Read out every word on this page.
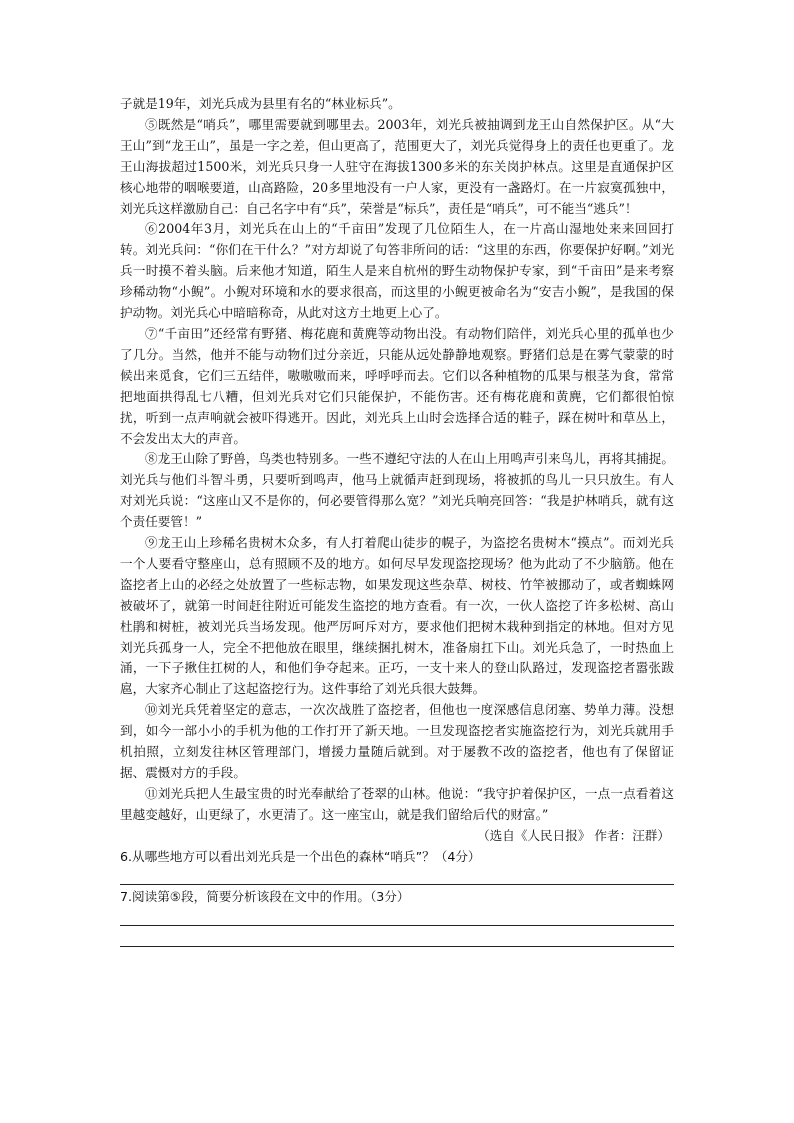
子就是19年，刘光兵成为县里有名的“林业标兵”。

⑤既然是“哨兵”，哪里需要就到哪里去。2003年，刘光兵被抽调到龙王山自然保护区。从“大王山”到“龙王山”，虽是一字之差，但山更高了，范围更大了，刘光兵觉得身上的责任也更重了。龙王山海拔超过1500米，刘光兵只身一人驻守在海拔1300多米的东关岗护林点。这里是直通保护区核心地带的咽喉要道，山高路险，20多里地没有一户人家，更没有一盏路灯。在一片寂寞孤独中，刘光兵这样激励自己：自己名字中有“兵”，荣誉是“标兵”，责任是“哨兵”，可不能当“逃兵”！

⑥2004年3月，刘光兵在山上的“千亩田”发现了几位陌生人，在一片高山湿地处来来回回打转。刘光兵问：“你们在干什么？”对方却说了句答非所问的话：“这里的东西，你要保护好啊。”刘光兵一时摸不着头脑。后来他才知道，陌生人是来自杭州的野生动物保护专家，到“千亩田”是来考察珍稀动物“小鲵”。小鲵对环境和水的要求很高，而这里的小鲵更被命名为“安吉小鲵”，是我国的保护动物。刘光兵心中暗暗称奇，从此对这方土地更上心了。

⑦“千亩田”还经常有野猪、梅花鹿和黄麂等动物出没。有动物们陪伴，刘光兵心里的孤单也少了几分。当然，他并不能与动物们过分亲近，只能从远处静静地观察。野猪们总是在雾气蒙蒙的时候出来觅食，它们三五结伴，嗷嗷嗷而来，呼呼呼而去。它们以各种植物的瓜果与根茎为食，常常把地面拱得乱七八糟，但刘光兵对它们只能保护，不能伤害。还有梅花鹿和黄麂，它们都很怕惊扰，听到一点声响就会被吓得逃开。因此，刘光兵上山时会选择合适的鞋子，踩在树叶和草丛上，不会发出太大的声音。

⑧龙王山除了野兽，鸟类也特别多。一些不遵纪守法的人在山上用鸣声引来鸟儿，再将其捕捉。刘光兵与他们斗智斗勇，只要听到鸣声，他马上就循声赶到现场，将被抓的鸟儿一只只放生。有人对刘光兵说：“这座山又不是你的，何必要管得那么宽？”刘光兵响亮回答：“我是护林哨兵，就有这个责任要管！”

⑨龙王山上珍稀名贵树木众多，有人打着爬山徒步的幌子，为盗挖名贵树木“摸点”。而刘光兵一个人要看守整座山，总有照顾不及的地方。如何尽早发现盗挖现场？他为此动了不少脑筋。他在盗挖者上山的必经之处放置了一些标志物，如果发现这些杂草、树枝、竹竿被挪动了，或者蜘蛛网被破坏了，就第一时间赶往附近可能发生盗挖的地方查看。有一次，一伙人盗挖了许多松树、高山杜鹃和树桩，被刘光兵当场发现。他严厉呵斥对方，要求他们把树木栽种到指定的林地。但对方见刘光兵孤身一人，完全不把他放在眼里，继续捆扎树木，准备扇扛下山。刘光兵急了，一时热血上涌，一下子揪住扛树的人，和他们争夺起来。正巧，一支十来人的登山队路过，发现盗挖者嚣张跋扈，大家齐心制止了这起盗挖行为。这件事给了刘光兵很大鼓舞。

⑩刘光兵凭着坚定的意志，一次次战胜了盗挖者，但他也一度深感信息闭塞、势单力薄。没想到，如今一部小小的手机为他的工作打开了新天地。一旦发现盗挖者实施盗挖行为，刘光兵就用手机拍照，立刻发往林区管理部门，增援力量随后就到。对于屡教不改的盗挖者，他也有了保留证据、震慑对方的手段。

⑪刘光兵把人生最宝贵的时光奉献给了苍翠的山林。他说：“我守护着保护区，一点一点看着这里越变越好，山更绿了，水更清了。这一座宝山，就是我们留给后代的财富。”

（选自《人民日报》 作者：汪群）

6.从哪些地方可以看出刘光兵是一个出色的森林“哨兵”？（4分）

7.阅读第⑤段，简要分析该段在文中的作用。（3分）
